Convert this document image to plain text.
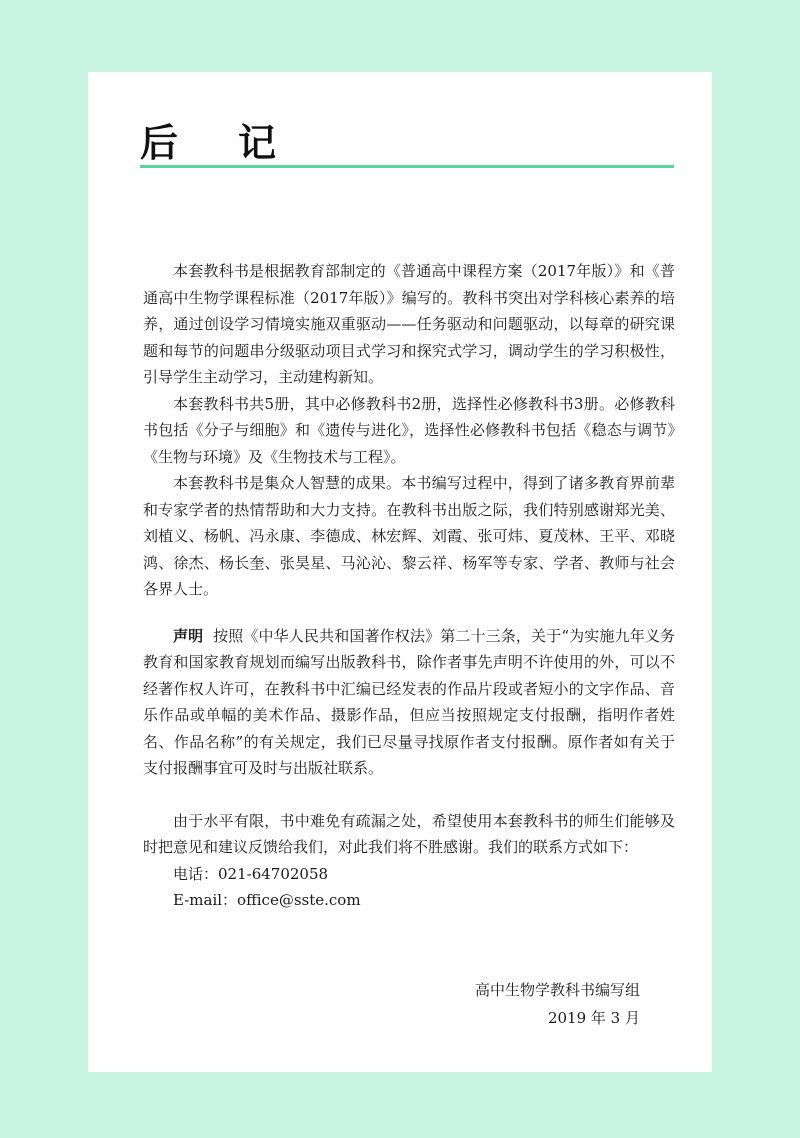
后 记

本套教科书是根据教育部制定的《普通高中课程方案（2017年版）》和《普通高中生物学课程标准（2017年版）》编写的。教科书突出对学科核心素养的培养，通过创设学习情境实施双重驱动——任务驱动和问题驱动，以每章的研究课题和每节的问题串分级驱动项目式学习和探究式学习，调动学生的学习积极性，引导学生主动学习，主动建构新知。

本套教科书共5册，其中必修教科书2册，选择性必修教科书3册。必修教科书包括《分子与细胞》和《遗传与进化》，选择性必修教科书包括《稳态与调节》《生物与环境》及《生物技术与工程》。

本套教科书是集众人智慧的成果。本书编写过程中，得到了诸多教育界前辈和专家学者的热情帮助和大力支持。在教科书出版之际，我们特别感谢郑光美、刘植义、杨帆、冯永康、李德成、林宏辉、刘霞、张可炜、夏茂林、王平、邓晓鸿、徐杰、杨长奎、张昊星、马沁沁、黎云祥、杨军等专家、学者、教师与社会各界人士。

声明 按照《中华人民共和国著作权法》第二十三条，关于“为实施九年义务教育和国家教育规划而编写出版教科书，除作者事先声明不许使用的外，可以不经著作权人许可，在教科书中汇编已经发表的作品片段或者短小的文字作品、音乐作品或单幅的美术作品、摄影作品，但应当按照规定支付报酬，指明作者姓名、作品名称”的有关规定，我们已尽量寻找原作者支付报酬。原作者如有关于支付报酬事宜可及时与出版社联系。

由于水平有限，书中难免有疏漏之处，希望使用本套教科书的师生们能够及时把意见和建议反馈给我们，对此我们将不胜感谢。我们的联系方式如下：

电话：021-64702058
E-mail：office@sste.com
高中生物学教科书编写组
2019 年 3 月
